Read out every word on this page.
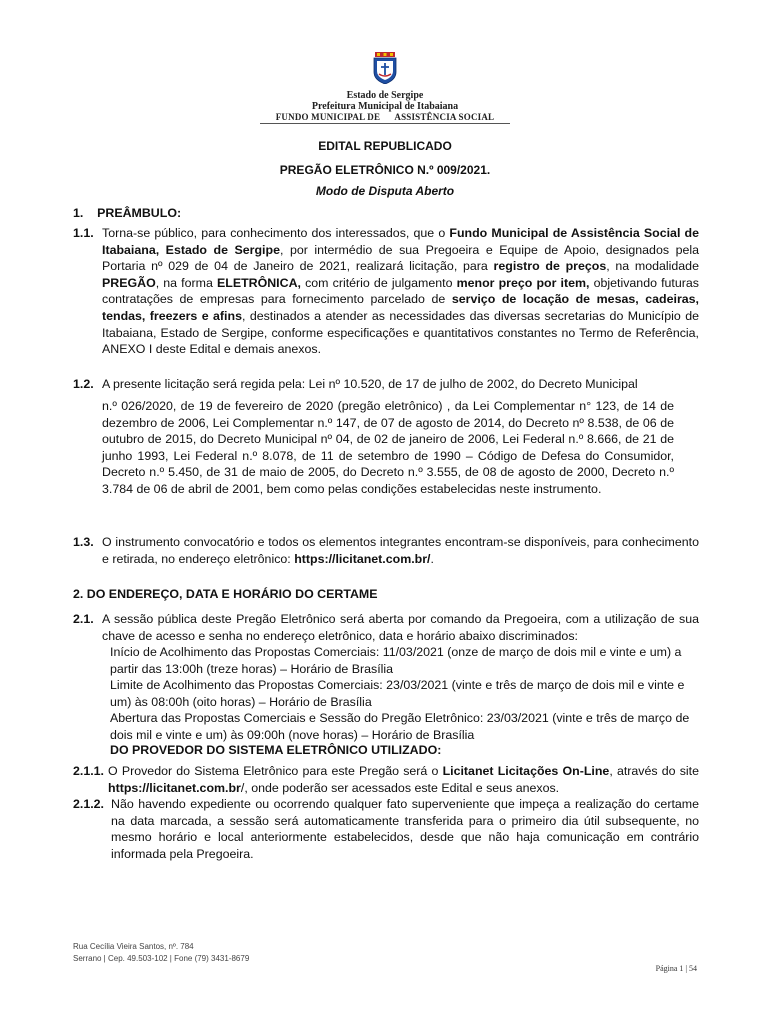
Estado de Sergipe
Prefeitura Municipal de Itabaiana
FUNDO MUNICIPAL DE      ASSISTÊNCIA SOCIAL
EDITAL REPUBLICADO
PREGÃO ELETRÔNICO N.º 009/2021.
Modo de Disputa Aberto
1.    PREÂMBULO:
1.1. Torna-se público, para conhecimento dos interessados, que o Fundo Municipal de Assistência Social de Itabaiana, Estado de Sergipe, por intermédio de sua Pregoeira e Equipe de Apoio, designados pela Portaria nº 029 de 04 de Janeiro de 2021, realizará licitação, para registro de preços, na modalidade PREGÃO, na forma ELETRÔNICA, com critério de julgamento menor preço por item, objetivando futuras contratações de empresas para fornecimento parcelado de serviço de locação de mesas, cadeiras, tendas, freezers e afins, destinados a atender as necessidades das diversas secretarias do Município de Itabaiana, Estado de Sergipe, conforme especificações e quantitativos constantes no Termo de Referência, ANEXO I deste Edital e demais anexos.

1.2. A presente licitação será regida pela: Lei nº 10.520, de 17 de julho de 2002, do Decreto Municipal
n.º 026/2020, de 19 de fevereiro de 2020 (pregão eletrônico) , da Lei Complementar n° 123, de 14 de dezembro de 2006, Lei Complementar n.º 147, de 07 de agosto de 2014, do Decreto nº 8.538, de 06 de outubro de 2015, do Decreto Municipal nº 04, de 02 de janeiro de 2006, Lei Federal n.º 8.666, de 21 de junho 1993, Lei Federal n.º 8.078, de 11 de setembro de 1990 – Código de Defesa do Consumidor, Decreto n.º 5.450, de 31 de maio de 2005, do Decreto n.º 3.555, de 08 de agosto de 2000, Decreto n.º 3.784 de 06 de abril de 2001, bem como pelas condições estabelecidas neste instrumento.
1.3. O instrumento convocatório e todos os elementos integrantes encontram-se disponíveis, para conhecimento e retirada, no endereço eletrônico: https://licitanet.com.br/.

2. DO ENDEREÇO, DATA E HORÁRIO DO CERTAME
2.1. A sessão pública deste Pregão Eletrônico será aberta por comando da Pregoeira, com a utilização de sua chave de acesso e senha no endereço eletrônico, data e horário abaixo discriminados:
Início de Acolhimento das Propostas Comerciais: 11/03/2021 (onze de março de dois mil e vinte e um) a partir das 13:00h (treze horas) – Horário de Brasília
Limite de Acolhimento das Propostas Comerciais: 23/03/2021 (vinte e três de março de dois mil e vinte e um) às 08:00h (oito horas) – Horário de Brasília
Abertura das Propostas Comerciais e Sessão do Pregão Eletrônico: 23/03/2021 (vinte e três de março de dois mil e vinte e um) às 09:00h (nove horas) – Horário de Brasília
DO PROVEDOR DO SISTEMA ELETRÔNICO UTILIZADO:
2.1.1. O Provedor do Sistema Eletrônico para este Pregão será o Licitanet Licitações On-Line, através do site https://licitanet.com.br/, onde poderão ser acessados este Edital e seus anexos.

2.1.2. Não havendo expediente ou ocorrendo qualquer fato superveniente que impeça a realização do certame na data marcada, a sessão será automaticamente transferida para o primeiro dia útil subsequente, no mesmo horário e local anteriormente estabelecidos, desde que não haja comunicação em contrário informada pela Pregoeira.
Rua Cecília Vieira Santos, nº. 784
Serrano | Cep. 49.503-102 | Fone (79) 3431-8679
Página 1 | 54
